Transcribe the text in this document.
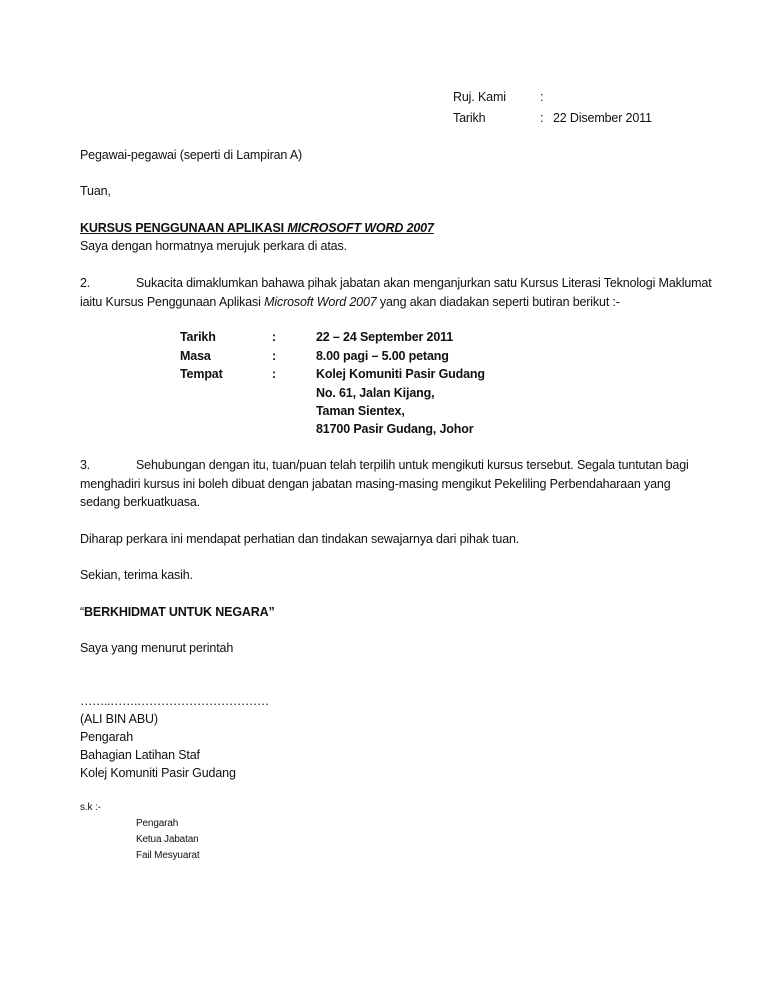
Ruj. Kami	:
Tarikh	: 22 Disember 2011
Pegawai-pegawai (seperti di Lampiran A)
Tuan,
KURSUS PENGGUNAAN APLIKASI MICROSOFT WORD 2007
Saya dengan hormatnya merujuk perkara di atas.
2.	Sukacita dimaklumkan bahawa pihak jabatan akan menganjurkan satu Kursus Literasi Teknologi Maklumat
iaitu Kursus Penggunaan Aplikasi Microsoft Word 2007 yang akan diadakan seperti butiran berikut :-
Tarikh	:	22 – 24 September 2011
Masa	:	8.00 pagi – 5.00 petang
Tempat	:	Kolej Komuniti Pasir Gudang
No. 61, Jalan Kijang,
Taman Sientex,
81700 Pasir Gudang, Johor
3.	Sehubungan dengan itu, tuan/puan telah terpilih untuk mengikuti kursus tersebut. Segala tuntutan bagi
menghadiri kursus ini boleh dibuat dengan jabatan masing-masing mengikut Pekeliling Perbendaharaan yang
sedang berkuatkuasa.
Diharap perkara ini mendapat perhatian dan tindakan sewajarnya dari pihak tuan.
Sekian, terima kasih.
“BERKHIDMAT UNTUK NEGARA”
Saya yang menurut perintah
……..…….……………………………
(ALI BIN ABU)
Pengarah
Bahagian Latihan Staf
Kolej Komuniti Pasir Gudang
s.k :-
Pengarah
Ketua Jabatan
Fail Mesyuarat
